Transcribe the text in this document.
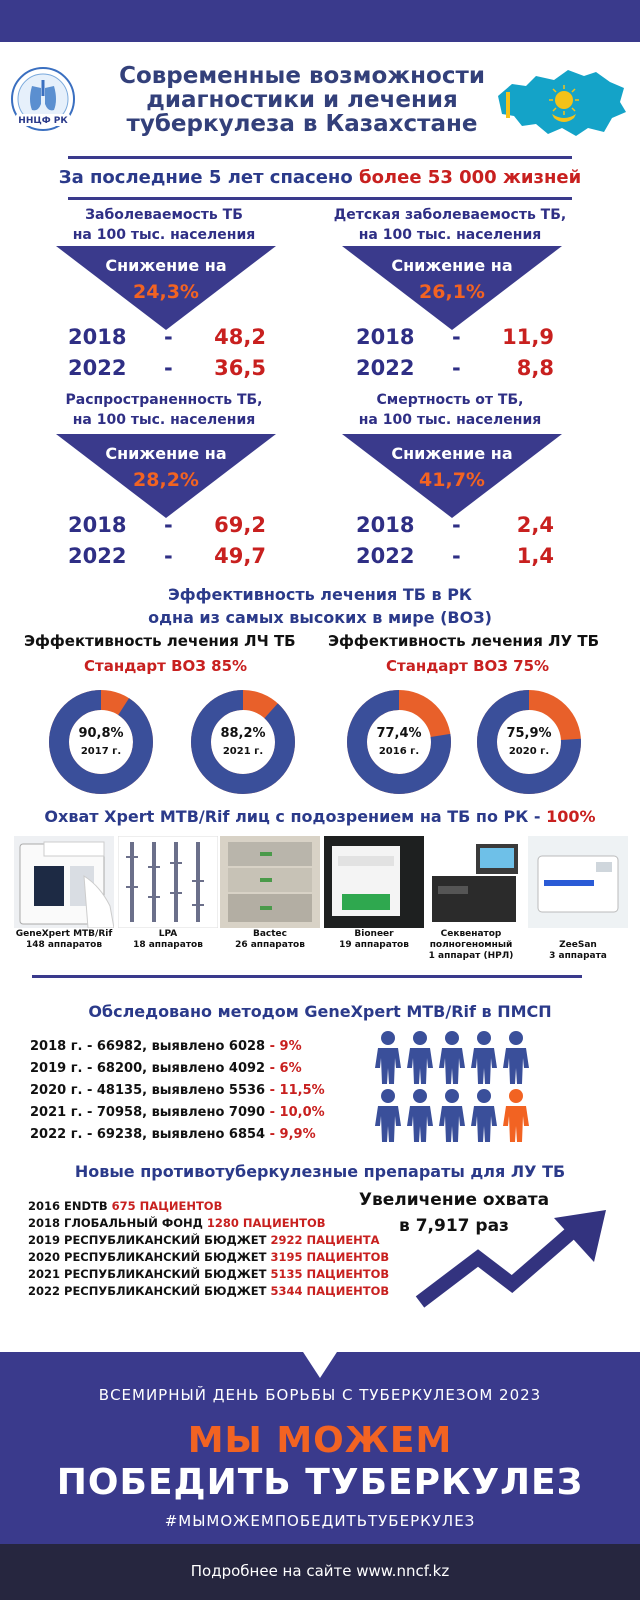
ННЦФ РК
Современные возможности
диагностики и лечения
туберкулеза в Казахстане
За последние 5 лет спасено более 53 000 жизней
Заболеваемость ТБ
на 100 тыс. населения
Снижение на
24,3%
2018 -	48,2
2022 -	36,5
Детская заболеваемость ТБ,
на 100 тыс. населения
Снижение на
26,1%
2018 -	11,9
2022 -	8,8
Распространенность ТБ,
на 100 тыс. населения
Снижение на
28,2%
2018 -	69,2
2022 -	49,7
Смертность от ТБ,
на 100 тыс. населения
Снижение на
41,7%
2018 -	2,4
2022 -	1,4
Эффективность лечения ТБ в РК
одна из самых высоких в мире (ВОЗ)
Эффективность лечения ЛЧ ТБ Эффективность лечения ЛУ ТБ
Стандарт ВОЗ 85%	Стандарт ВОЗ 75%
90,8%
2017 г.
88,2%
2021 г.
77,4%
2016 г.
75,9%
2020 г.
Охват Xpert MTB/Rif лиц с подозрением на ТБ по РК - 100%
GeneXpert MTB/Rif
148 аппаратов
LPA
18 аппаратов
Bactec
26 аппаратов
Bioneer
19 аппаратов
Секвенатор полногеномный
1 аппарат (НРЛ)
ZeeSan
3 аппарата
Обследовано методом GeneXpert MTB/Rif в ПМСП
2018 г. - 66982, выявлено 6028 - 9%
2019 г. - 68200, выявлено 4092 - 6%
2020 г. - 48135, выявлено 5536 - 11,5%
2021 г. - 70958, выявлено 7090 - 10,0%
2022 г. - 69238, выявлено 6854 - 9,9%
Новые противотуберкулезные препараты для ЛУ ТБ
2016 ENDTB 675 ПАЦИЕНТОВ
2018 ГЛОБАЛЬНЫЙ ФОНД 1280 ПАЦИЕНТОВ
2019 РЕСПУБЛИКАНСКИЙ БЮДЖЕТ 2922 ПАЦИЕНТА
2020 РЕСПУБЛИКАНСКИЙ БЮДЖЕТ 3195 ПАЦИЕНТОВ
2021 РЕСПУБЛИКАНСКИЙ БЮДЖЕТ 5135 ПАЦИЕНТОВ
2022 РЕСПУБЛИКАНСКИЙ БЮДЖЕТ 5344 ПАЦИЕНТОВ
Увеличение охвата
в 7,917 раз
ВСЕМИРНЫЙ ДЕНЬ БОРЬБЫ С ТУБЕРКУЛЕЗОМ 2023
МЫ МОЖЕМ
ПОБЕДИТЬ ТУБЕРКУЛЕЗ
#МЫМОЖЕМПОБЕДИТЬТУБЕРКУЛЕЗ
Подробнее на сайте www.nncf.kz
